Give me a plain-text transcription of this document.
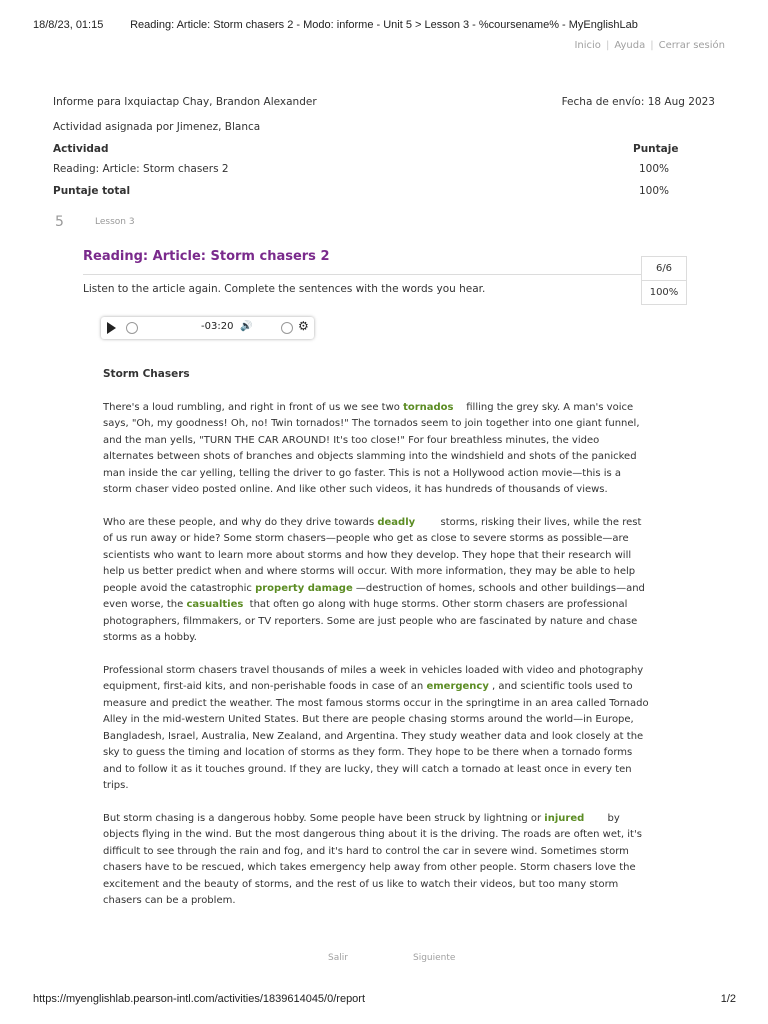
18/8/23, 01:15	Reading: Article: Storm chasers 2 - Modo: informe - Unit 5 > Lesson 3 - %coursename% - MyEnglishLab
Inicio | Ayuda | Cerrar sesión
Informe para Ixquiactap Chay, Brandon Alexander	Fecha de envío: 18 Aug 2023
Actividad asignada por Jimenez, Blanca
Actividad	Puntaje
Reading: Article: Storm chasers 2	100%
Puntaje total	100%
5	Lesson 3
Reading: Article: Storm chasers 2
6/6
100%
Listen to the article again. Complete the sentences with the words you hear.
-03:20 🔊	⚙
Storm Chasers

There's a loud rumbling, and right in front of us we see two tornados filling the grey sky. A man's voice says, "Oh, my goodness! Oh, no! Twin tornados!" The tornados seem to join together into one giant funnel, and the man yells, "TURN THE CAR AROUND! It's too close!" For four breathless minutes, the video alternates between shots of branches and objects slamming into the windshield and shots of the panicked man inside the car yelling, telling the driver to go faster. This is not a Hollywood action movie—this is a storm chaser video posted online. And like other such videos, it has hundreds of thousands of views.

Who are these people, and why do they drive towards deadly storms, risking their lives, while the rest of us run away or hide? Some storm chasers—people who get as close to severe storms as possible—are scientists who want to learn more about storms and how they develop. They hope that their research will help us better predict when and where storms will occur. With more information, they may be able to help people avoid the catastrophic property damage —destruction of homes, schools and other buildings—and even worse, the casualties that often go along with huge storms. Other storm chasers are professional photographers, filmmakers, or TV reporters. Some are just people who are fascinated by nature and chase storms as a hobby.

Professional storm chasers travel thousands of miles a week in vehicles loaded with video and photography equipment, first-aid kits, and non-perishable foods in case of an emergency , and scientific tools used to measure and predict the weather. The most famous storms occur in the springtime in an area called Tornado Alley in the mid-western United States. But there are people chasing storms around the world—in Europe, Bangladesh, Israel, Australia, New Zealand, and Argentina. They study weather data and look closely at the sky to guess the timing and location of storms as they form. They hope to be there when a tornado forms and to follow it as it touches ground. If they are lucky, they will catch a tornado at least once in every ten trips.

But storm chasing is a dangerous hobby. Some people have been struck by lightning or injured by objects flying in the wind. But the most dangerous thing about it is the driving. The roads are often wet, it's difficult to see through the rain and fog, and it's hard to control the car in severe wind. Sometimes storm chasers have to be rescued, which takes emergency help away from other people. Storm chasers love the excitement and the beauty of storms, and the rest of us like to watch their videos, but too many storm chasers can be a problem.

Salir	Siguiente
https://myenglishlab.pearson-intl.com/activities/1839614045/0/report	1/2
